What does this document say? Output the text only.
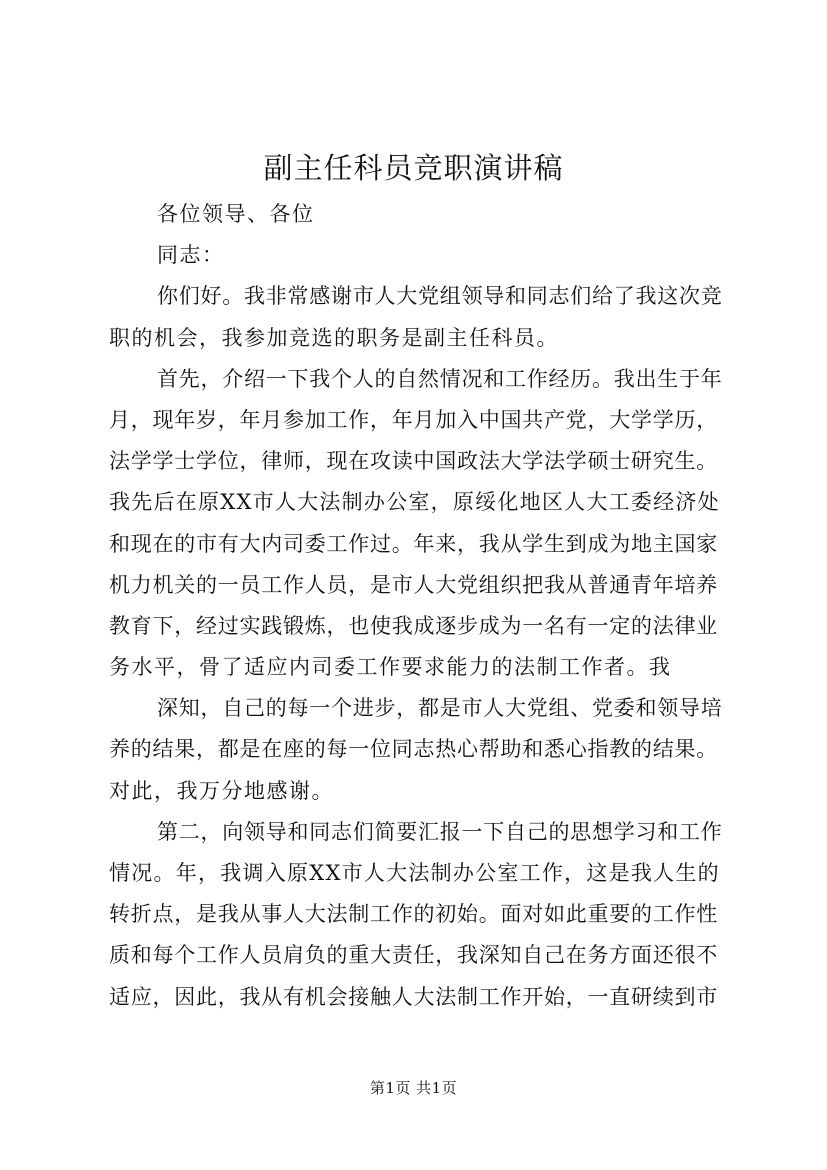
副主任科员竞职演讲稿
各位领导、各位
同志：
你们好。我非常感谢市人大党组领导和同志们给了我这次竞
职的机会，我参加竞选的职务是副主任科员。
首先，介绍一下我个人的自然情况和工作经历。我出生于年
月，现年岁，年月参加工作，年月加入中国共产党，大学学历，
法学学士学位，律师，现在攻读中国政法大学法学硕士研究生。
我先后在原XX市人大法制办公室，原绥化地区人大工委经济处
和现在的市有大内司委工作过。年来，我从学生到成为地主国家
机力机关的一员工作人员，是市人大党组织把我从普通青年培养
教育下，经过实践锻炼，也使我成逐步成为一名有一定的法律业
务水平，骨了适应内司委工作要求能力的法制工作者。我
深知，自己的每一个进步，都是市人大党组、党委和领导培
养的结果，都是在座的每一位同志热心帮助和悉心指教的结果。
对此，我万分地感谢。
第二，向领导和同志们简要汇报一下自己的思想学习和工作
情况。年，我调入原XX市人大法制办公室工作，这是我人生的
转折点，是我从事人大法制工作的初始。面对如此重要的工作性
质和每个工作人员肩负的重大责任，我深知自己在务方面还很不
适应，因此，我从有机会接触人大法制工作开始，一直研续到市
第1页 共1页
